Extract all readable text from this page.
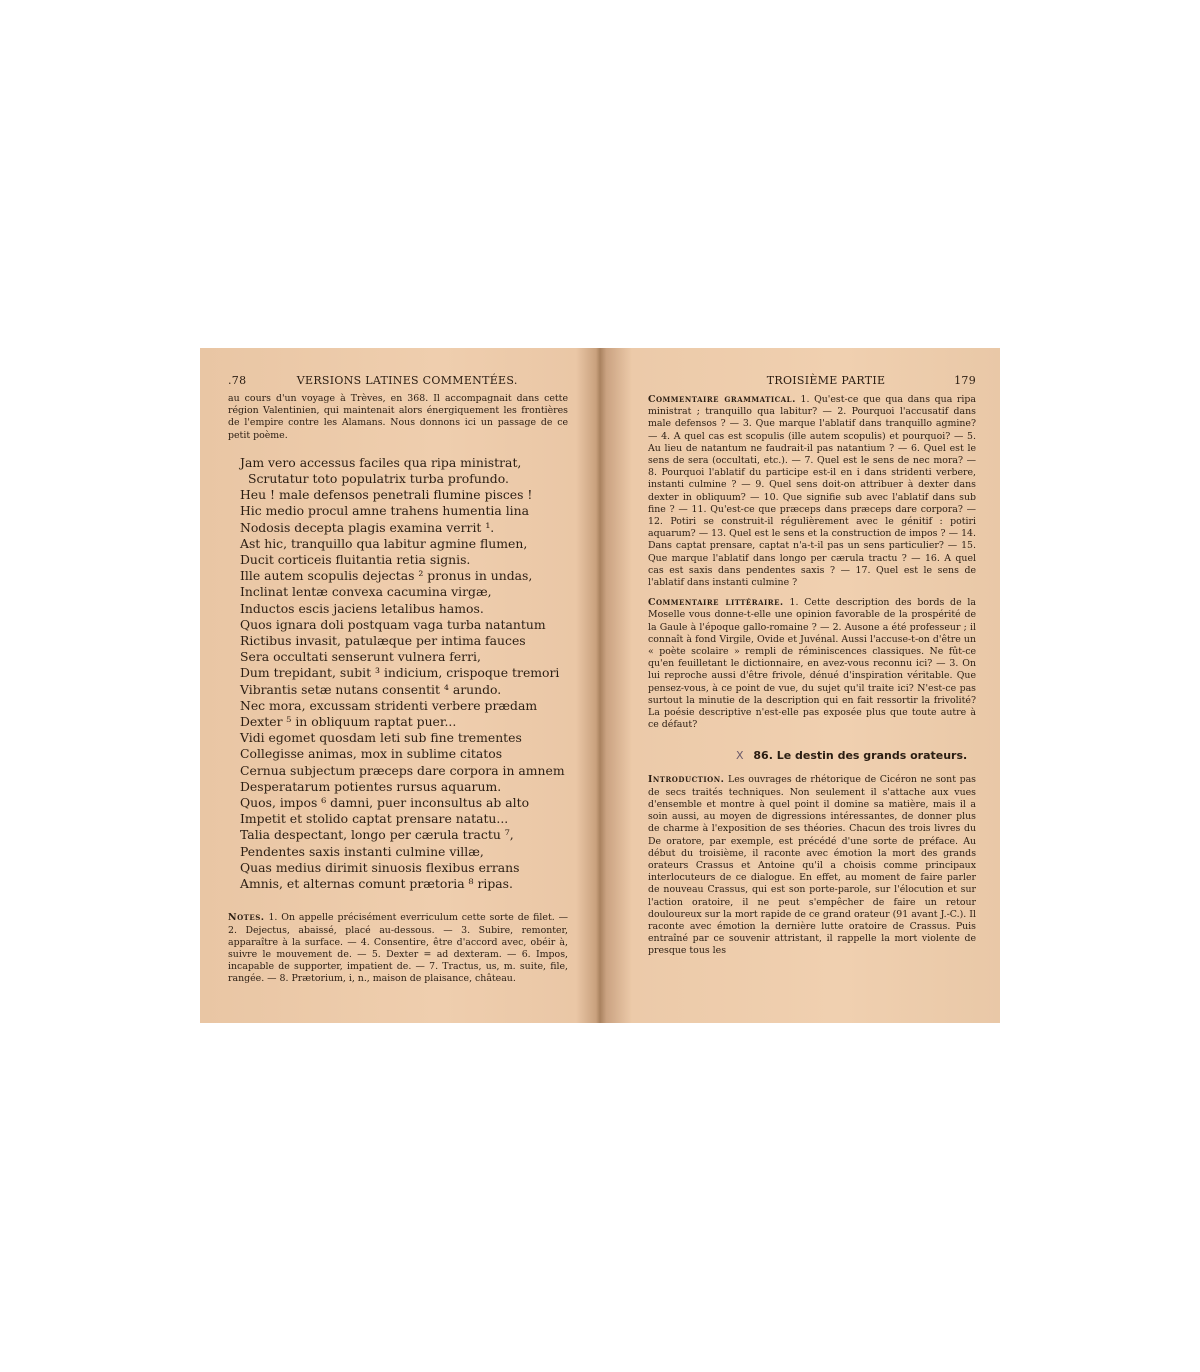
.78	VERSIONS LATINES COMMENTÉES.

au cours d'un voyage à Trèves, en 368. Il accompagnait dans cette région Valentinien, qui maintenait alors énergiquement les frontières de l'empire contre les Alamans. Nous donnons ici un passage de ce petit poème.

Jam vero accessus faciles qua ripa ministrat,
Scrutatur toto populatrix turba profundo.
Heu ! male defensos penetrali flumine pisces !
Hic medio procul amne trahens humentia lina
Nodosis decepta plagis examina verrit ¹.
Ast hic, tranquillo qua labitur agmine flumen,
Ducit corticeis fluitantia retia signis.
Ille autem scopulis dejectas ² pronus in undas,
Inclinat lentæ convexa cacumina virgæ,
Inductos escis jaciens letalibus hamos.
Quos ignara doli postquam vaga turba natantum
Rictibus invasit, patulæque per intima fauces
Sera occultati senserunt vulnera ferri,
Dum trepidant, subit ³ indicium, crispoque tremori
Vibrantis setæ nutans consentit ⁴ arundo.
Nec mora, excussam stridenti verbere prædam
Dexter ⁵ in obliquum raptat puer...
Vidi egomet quosdam leti sub fine trementes
Collegisse animas, mox in sublime citatos
Cernua subjectum præceps dare corpora in amnem
Desperatarum potientes rursus aquarum.
Quos, impos ⁶ damni, puer inconsultus ab alto
Impetit et stolido captat prensare natatu...
Talia despectant, longo per cærula tractu ⁷,
Pendentes saxis instanti culmine villæ,
Quas medius dirimit sinuosis flexibus errans
Amnis, et alternas comunt prætoria ⁸ ripas.

Notes. 1. On appelle précisément everriculum cette sorte de filet. — 2. Dejectus, abaissé, placé au-dessous. — 3. Subire, remonter, apparaître à la surface. — 4. Consentire, être d'accord avec, obéir à, suivre le mouvement de. — 5. Dexter = ad dexteram. — 6. Impos, incapable de supporter, impatient de. — 7. Tractus, us, m. suite, file, rangée. — 8. Prætorium, i, n., maison de plaisance, château.

TROISIÈME PARTIE	179

Commentaire grammatical. 1. Qu'est-ce que qua dans qua ripa ministrat ; tranquillo qua labitur? — 2. Pourquoi l'accusatif dans male defensos ? — 3. Que marque l'ablatif dans tranquillo agmine? — 4. A quel cas est scopulis (ille autem scopulis) et pourquoi? — 5. Au lieu de natantum ne faudrait-il pas natantium ? — 6. Quel est le sens de sera (occultati, etc.). — 7. Quel est le sens de nec mora? — 8. Pourquoi l'ablatif du participe est-il en i dans stridenti verbere, instanti culmine ? — 9. Quel sens doit-on attribuer à dexter dans dexter in obliquum? — 10. Que signifie sub avec l'ablatif dans sub fine ? — 11. Qu'est-ce que præceps dans præceps dare corpora? — 12. Potiri se construit-il régulièrement avec le génitif : potiri aquarum? — 13. Quel est le sens et la construction de impos ? — 14. Dans captat prensare, captat n'a-t-il pas un sens particulier? — 15. Que marque l'ablatif dans longo per cærula tractu ? — 16. A quel cas est saxis dans pendentes saxis ? — 17. Quel est le sens de l'ablatif dans instanti culmine ?

Commentaire littéraire. 1. Cette description des bords de la Moselle vous donne-t-elle une opinion favorable de la prospérité de la Gaule à l'époque gallo-romaine ? — 2. Ausone a été professeur ; il connaît à fond Virgile, Ovide et Juvénal. Aussi l'accuse-t-on d'être un « poète scolaire » rempli de réminiscences classiques. Ne fût-ce qu'en feuilletant le dictionnaire, en avez-vous reconnu ici? — 3. On lui reproche aussi d'être frivole, dénué d'inspiration véritable. Que pensez-vous, à ce point de vue, du sujet qu'il traite ici? N'est-ce pas surtout la minutie de la description qui en fait ressortir la frivolité? La poésie descriptive n'est-elle pas exposée plus que toute autre à ce défaut?

X 86. Le destin des grands orateurs.

Introduction. Les ouvrages de rhétorique de Cicéron ne sont pas de secs traités techniques. Non seulement il s'attache aux vues d'ensemble et montre à quel point il domine sa matière, mais il a soin aussi, au moyen de digressions intéressantes, de donner plus de charme à l'exposition de ses théories. Chacun des trois livres du De oratore, par exemple, est précédé d'une sorte de préface. Au début du troisième, il raconte avec émotion la mort des grands orateurs Crassus et Antoine qu'il a choisis comme principaux interlocuteurs de ce dialogue. En effet, au moment de faire parler de nouveau Crassus, qui est son porte-parole, sur l'élocution et sur l'action oratoire, il ne peut s'empêcher de faire un retour douloureux sur la mort rapide de ce grand orateur (91 avant J.-C.). Il raconte avec émotion la dernière lutte oratoire de Crassus. Puis entraîné par ce souvenir attristant, il rappelle la mort violente de presque tous les
